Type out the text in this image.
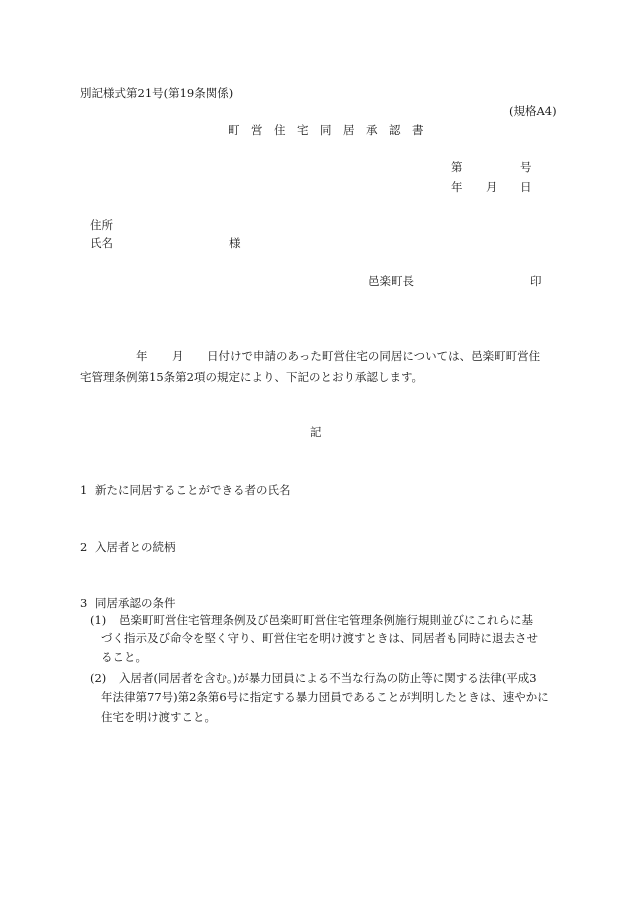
別記様式第21号(第19条関係)
(規格A4)
町　営　住　宅　同　居　承　認　書
第	号
年 月 日
住所
氏名	様
邑楽町長	印
年 月 日付けで申請のあった町営住宅の同居については、邑楽町町営住
宅管理条例第15条第2項の規定により、下記のとおり承認します。
記
1 新たに同居することができる者の氏名
2 入居者との続柄
3 同居承認の条件
(1) 邑楽町町営住宅管理条例及び邑楽町町営住宅管理条例施行規則並びにこれらに基
づく指示及び命令を堅く守り、町営住宅を明け渡すときは、同居者も同時に退去させ
ること。
(2) 入居者(同居者を含む。)が暴力団員による不当な行為の防止等に関する法律(平成3
年法律第77号)第2条第6号に指定する暴力団員であることが判明したときは、速やかに
住宅を明け渡すこと。
